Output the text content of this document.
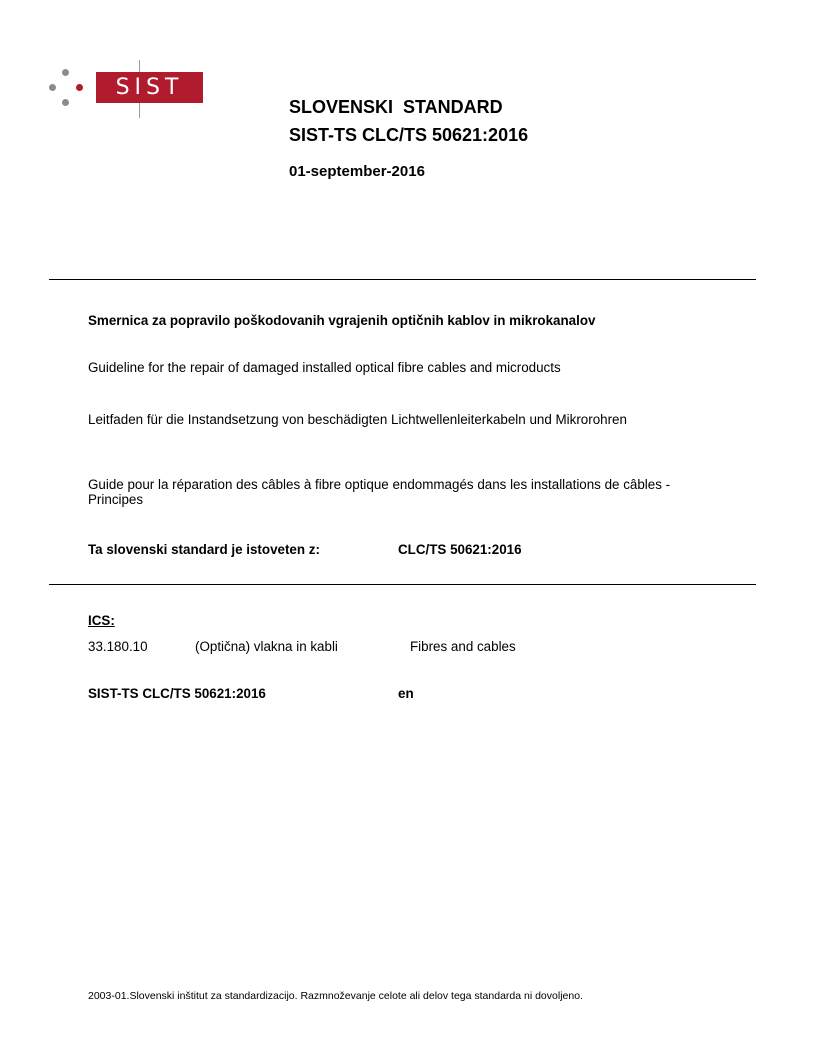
SIST
SLOVENSKI  STANDARD
SIST-TS CLC/TS 50621:2016
01-september-2016
Smernica za popravilo poškodovanih vgrajenih optičnih kablov in mikrokanalov
Guideline for the repair of damaged installed optical fibre cables and microducts
Leitfaden für die Instandsetzung von beschädigten Lichtwellenleiterkabeln und Mikrorohren
Guide pour la réparation des câbles à fibre optique endommagés dans les installations de câbles - Principes
Ta slovenski standard je istoveten z:	CLC/TS 50621:2016
ICS:
33.180.10	(Optična) vlakna in kabli	Fibres and cables
SIST-TS CLC/TS 50621:2016	en
2003-01.Slovenski inštitut za standardizacijo. Razmnoževanje celote ali delov tega standarda ni dovoljeno.
